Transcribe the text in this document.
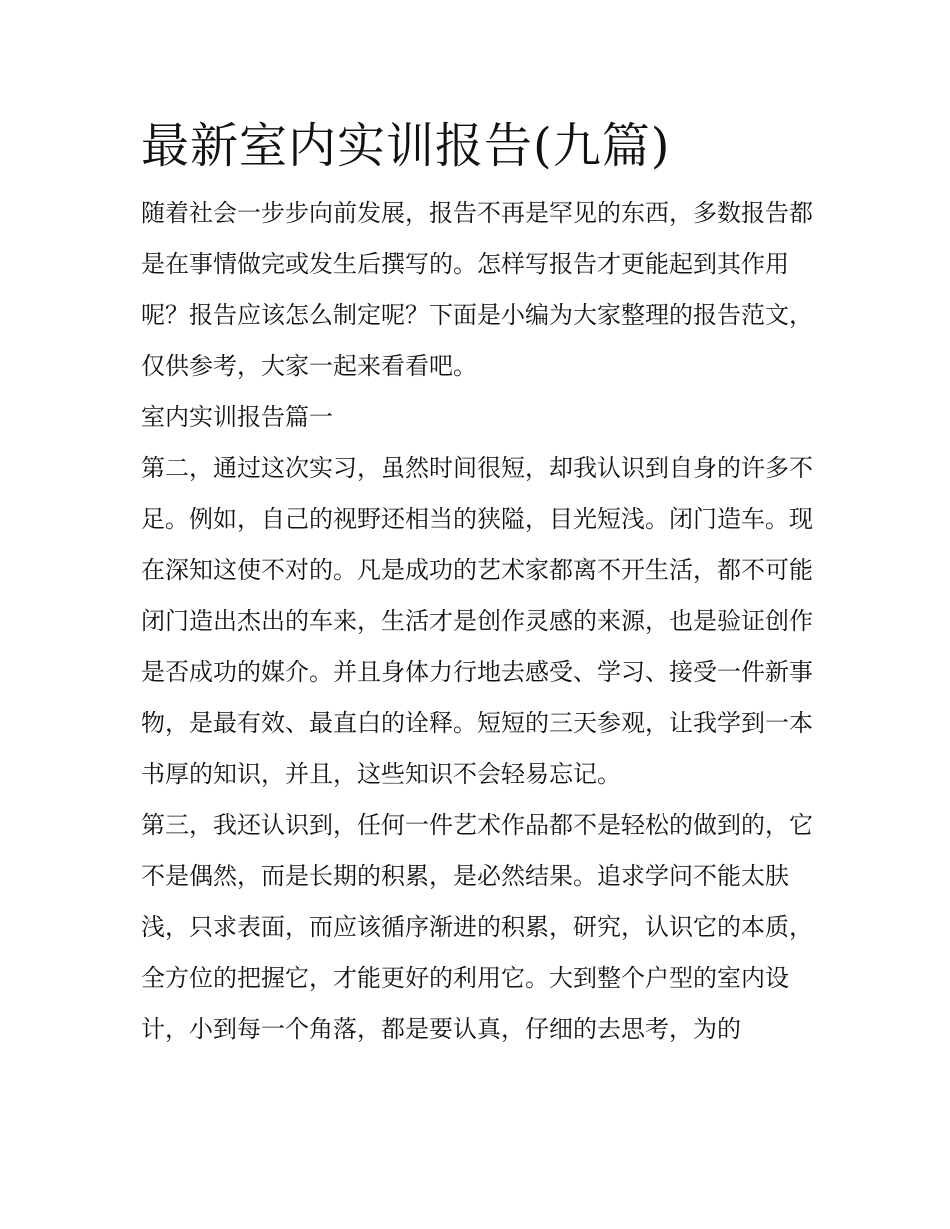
最新室内实训报告(九篇)

随着社会一步步向前发展，报告不再是罕见的东西，多数报告都是在事情做完或发生后撰写的。怎样写报告才更能起到其作用呢？报告应该怎么制定呢？下面是小编为大家整理的报告范文，仅供参考，大家一起来看看吧。

室内实训报告篇一

第二，通过这次实习，虽然时间很短，却我认识到自身的许多不足。例如，自己的视野还相当的狭隘，目光短浅。闭门造车。现在深知这使不对的。凡是成功的艺术家都离不开生活，都不可能闭门造出杰出的车来，生活才是创作灵感的来源，也是验证创作是否成功的媒介。并且身体力行地去感受、学习、接受一件新事物，是最有效、最直白的诠释。短短的三天参观，让我学到一本书厚的知识，并且，这些知识不会轻易忘记。

第三，我还认识到，任何一件艺术作品都不是轻松的做到的，它不是偶然，而是长期的积累，是必然结果。追求学问不能太肤浅，只求表面，而应该循序渐进的积累，研究，认识它的本质，全方位的把握它，才能更好的利用它。大到整个户型的室内设计，小到每一个角落，都是要认真，仔细的去思考，为的
